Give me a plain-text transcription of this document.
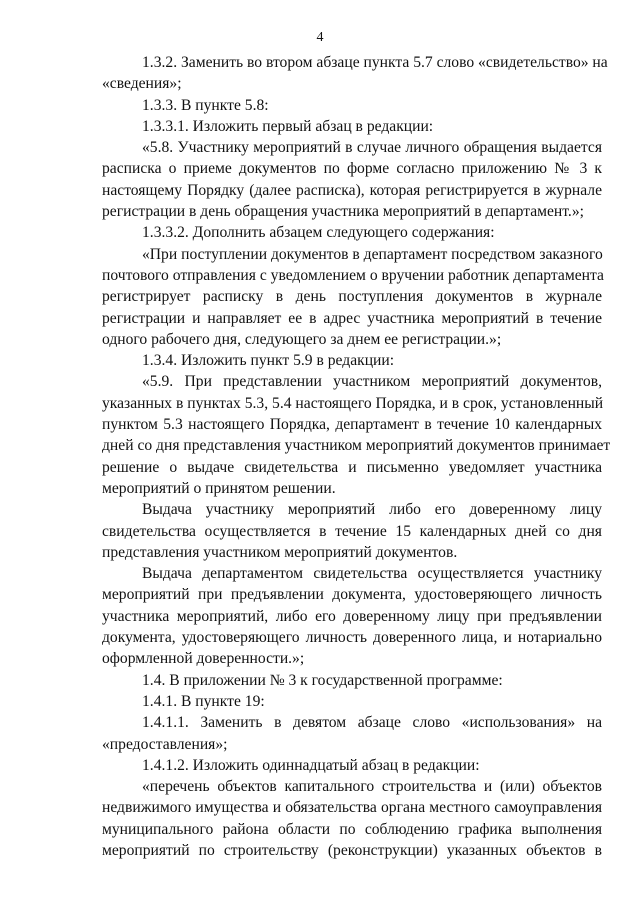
4
1.3.2. Заменить во втором абзаце пункта 5.7 слово «свидетельство» на
«сведения»;
1.3.3. В пункте 5.8:
1.3.3.1. Изложить первый абзац в редакции:
«5.8. Участнику мероприятий в случае личного обращения выдается
расписка о приеме документов по форме согласно приложению № 3 к
настоящему Порядку (далее расписка), которая регистрируется в журнале
регистрации в день обращения участника мероприятий в департамент.»;
1.3.3.2. Дополнить абзацем следующего содержания:
«При поступлении документов в департамент посредством заказного
почтового отправления с уведомлением о вручении работник департамента
регистрирует расписку в день поступления документов в журнале
регистрации и направляет ее в адрес участника мероприятий в течение
одного рабочего дня, следующего за днем ее регистрации.»;
1.3.4. Изложить пункт 5.9 в редакции:
«5.9. При представлении участником мероприятий документов,
указанных в пунктах 5.3, 5.4 настоящего Порядка, и в срок, установленный
пунктом 5.3 настоящего Порядка, департамент в течение 10 календарных
дней со дня представления участником мероприятий документов принимает
решение о выдаче свидетельства и письменно уведомляет участника
мероприятий о принятом решении.
Выдача участнику мероприятий либо его доверенному лицу
свидетельства осуществляется в течение 15 календарных дней со дня
представления участником мероприятий документов.
Выдача департаментом свидетельства осуществляется участнику
мероприятий при предъявлении документа, удостоверяющего личность
участника мероприятий, либо его доверенному лицу при предъявлении
документа, удостоверяющего личность доверенного лица, и нотариально
оформленной доверенности.»;
1.4. В приложении № 3 к государственной программе:
1.4.1. В пункте 19:
1.4.1.1. Заменить в девятом абзаце слово «использования» на
«предоставления»;
1.4.1.2. Изложить одиннадцатый абзац в редакции:
«перечень объектов капитального строительства и (или) объектов
недвижимого имущества и обязательства органа местного самоуправления
муниципального района области по соблюдению графика выполнения
мероприятий по строительству (реконструкции) указанных объектов в
